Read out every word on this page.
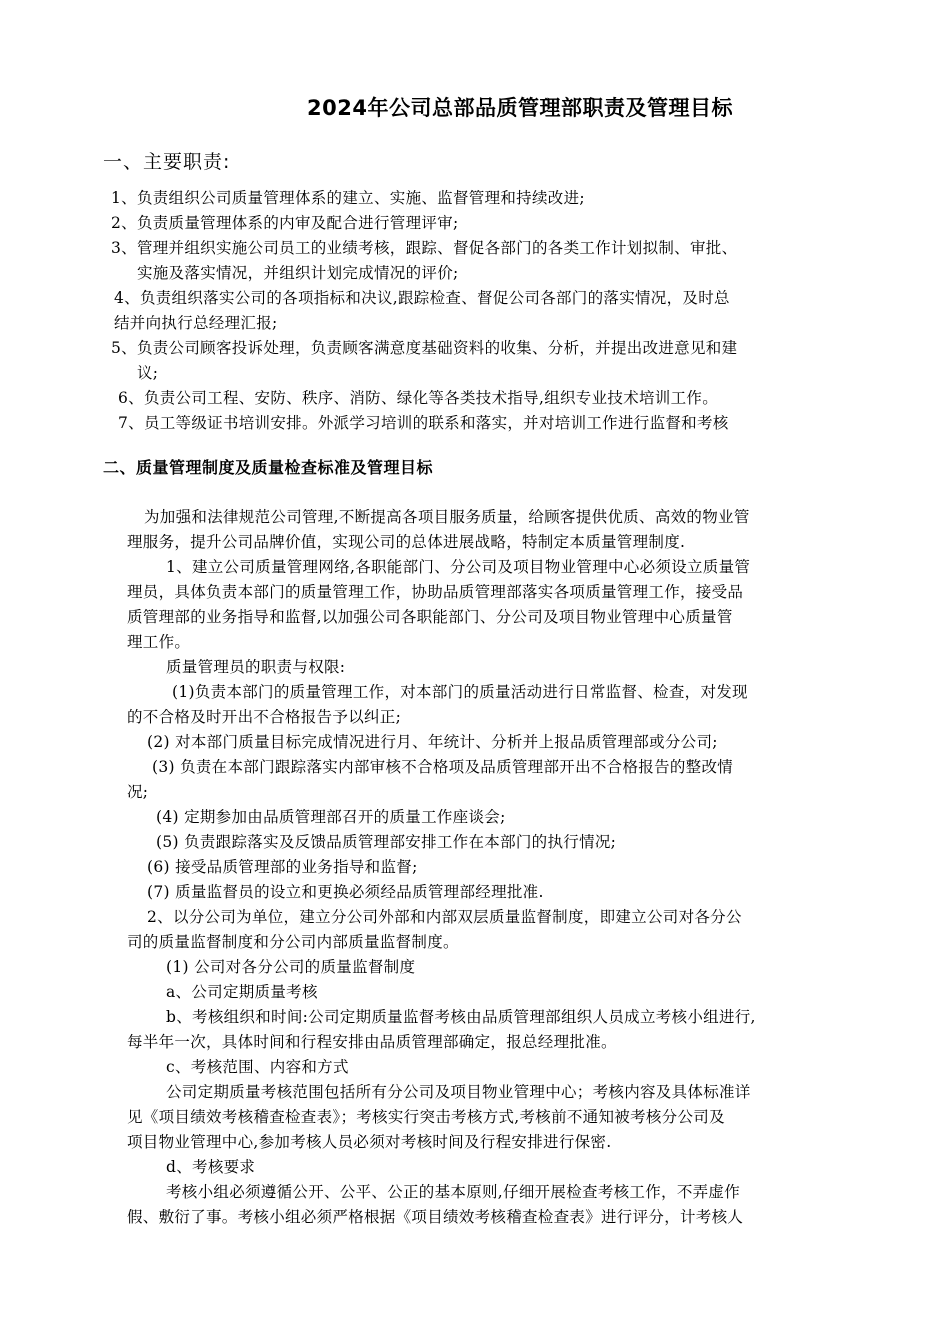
2024年公司总部品质管理部职责及管理目标
一、主要职责:
1、负责组织公司质量管理体系的建立、实施、监督管理和持续改进;
2、负责质量管理体系的内审及配合进行管理评审;
3、管理并组织实施公司员工的业绩考核，跟踪、督促各部门的各类工作计划拟制、审批、
实施及落实情况，并组织计划完成情况的评价;
4、负责组织落实公司的各项指标和决议,跟踪检查、督促公司各部门的落实情况，及时总
结并向执行总经理汇报;
5、负责公司顾客投诉处理，负责顾客满意度基础资料的收集、分析，并提出改进意见和建
议;
6、负责公司工程、安防、秩序、消防、绿化等各类技术指导,组织专业技术培训工作。
7、员工等级证书培训安排。外派学习培训的联系和落实，并对培训工作进行监督和考核
二、质量管理制度及质量检查标准及管理目标
为加强和法律规范公司管理,不断提高各项目服务质量，给顾客提供优质、高效的物业管
理服务，提升公司品牌价值，实现公司的总体进展战略，特制定本质量管理制度.
1、建立公司质量管理网络,各职能部门、分公司及项目物业管理中心必须设立质量管
理员，具体负责本部门的质量管理工作，协助品质管理部落实各项质量管理工作，接受品
质管理部的业务指导和监督,以加强公司各职能部门、分公司及项目物业管理中心质量管
理工作。
质量管理员的职责与权限:
(1)负责本部门的质量管理工作，对本部门的质量活动进行日常监督、检查，对发现
的不合格及时开出不合格报告予以纠正;
(2) 对本部门质量目标完成情况进行月、年统计、分析并上报品质管理部或分公司;
(3) 负责在本部门跟踪落实内部审核不合格项及品质管理部开出不合格报告的整改情
况;
(4) 定期参加由品质管理部召开的质量工作座谈会;
(5) 负责跟踪落实及反馈品质管理部安排工作在本部门的执行情况;
(6) 接受品质管理部的业务指导和监督;
(7) 质量监督员的设立和更换必须经品质管理部经理批准.
2、以分公司为单位，建立分公司外部和内部双层质量监督制度，即建立公司对各分公
司的质量监督制度和分公司内部质量监督制度。
(1) 公司对各分公司的质量监督制度
a、公司定期质量考核
b、考核组织和时间:公司定期质量监督考核由品质管理部组织人员成立考核小组进行,
每半年一次，具体时间和行程安排由品质管理部确定，报总经理批准。
c、考核范围、内容和方式
公司定期质量考核范围包括所有分公司及项目物业管理中心；考核内容及具体标准详
见《项目绩效考核稽查检查表》；考核实行突击考核方式,考核前不通知被考核分公司及
项目物业管理中心,参加考核人员必须对考核时间及行程安排进行保密.
d、考核要求
考核小组必须遵循公开、公平、公正的基本原则,仔细开展检查考核工作，不弄虚作
假、敷衍了事。考核小组必须严格根据《项目绩效考核稽查检查表》进行评分，计考核人
